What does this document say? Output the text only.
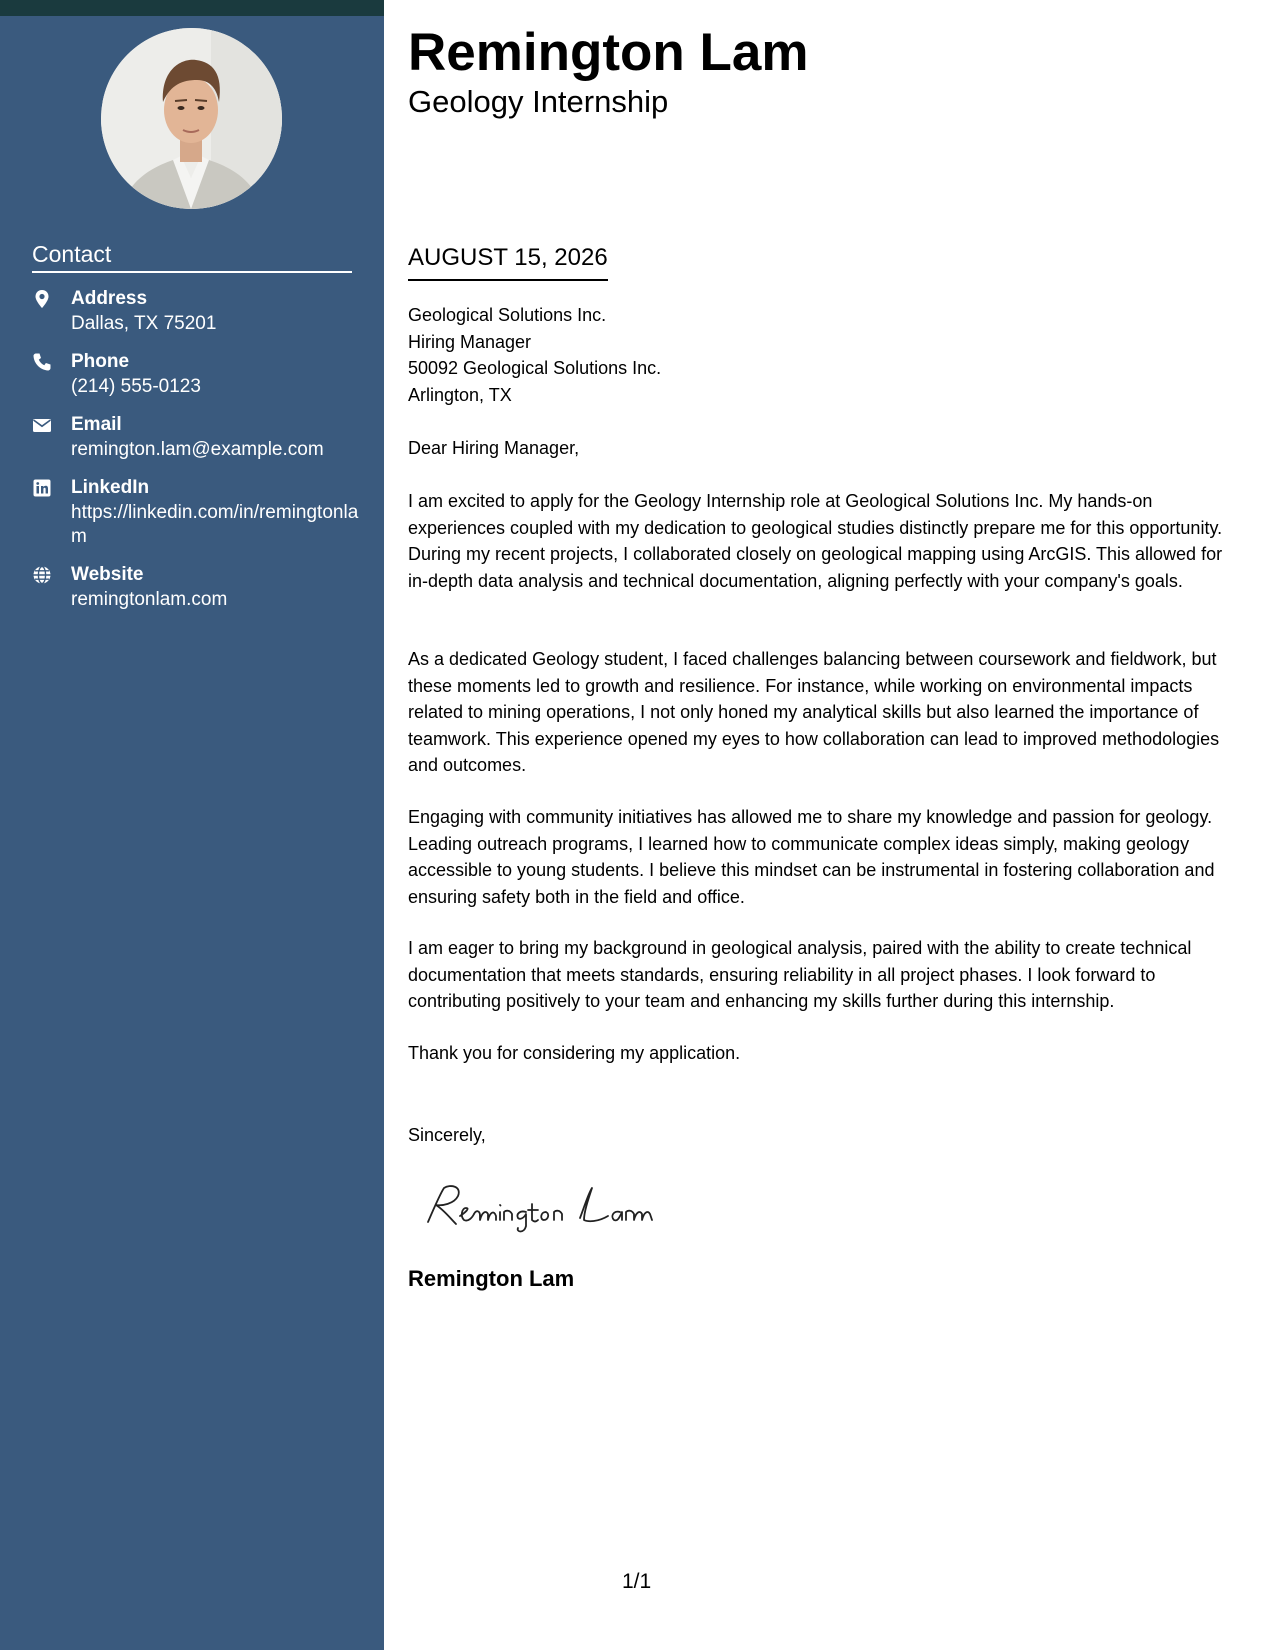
Contact
Address
Dallas, TX 75201
Phone
(214) 555-0123
Email
remington.lam@example.com
LinkedIn
https://linkedin.com/in/remingtonlam
Website
remingtonlam.com
Remington Lam
Geology Internship
AUGUST 15, 2026
Geological Solutions Inc.
Hiring Manager
50092 Geological Solutions Inc.
Arlington, TX
Dear Hiring Manager,
I am excited to apply for the Geology Internship role at Geological Solutions Inc. My hands-on experiences coupled with my dedication to geological studies distinctly prepare me for this opportunity. During my recent projects, I collaborated closely on geological mapping using ArcGIS. This allowed for in-depth data analysis and technical documentation, aligning perfectly with your company's goals.
As a dedicated Geology student, I faced challenges balancing between coursework and fieldwork, but these moments led to growth and resilience. For instance, while working on environmental impacts related to mining operations, I not only honed my analytical skills but also learned the importance of teamwork. This experience opened my eyes to how collaboration can lead to improved methodologies and outcomes.
Engaging with community initiatives has allowed me to share my knowledge and passion for geology. Leading outreach programs, I learned how to communicate complex ideas simply, making geology accessible to young students. I believe this mindset can be instrumental in fostering collaboration and ensuring safety both in the field and office.
I am eager to bring my background in geological analysis, paired with the ability to create technical documentation that meets standards, ensuring reliability in all project phases. I look forward to contributing positively to your team and enhancing my skills further during this internship.
Thank you for considering my application.
Sincerely,
Remington Lam
1/1
